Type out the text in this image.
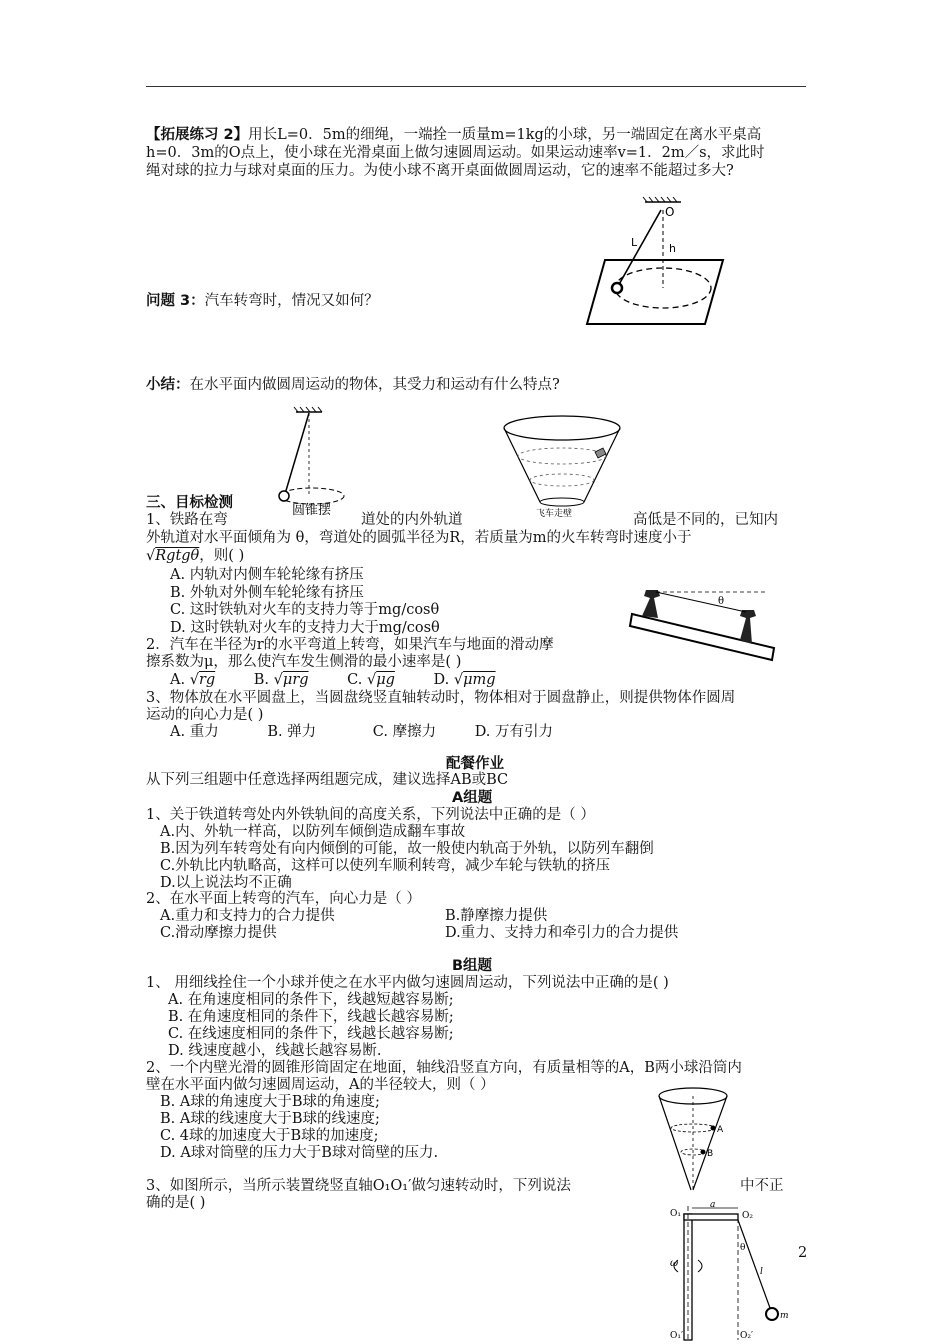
【拓展练习 2】用长L=0．5m的细绳，一端拴一质量m=1kg的小球，另一端固定在离水平桌高
h=0．3m的O点上，使小球在光滑桌面上做匀速圆周运动。如果运动速率v=1．2m／s，求此时
绳对球的拉力与球对桌面的压力。为使小球不离开桌面做圆周运动，它的速率不能超过多大?
O
L	h
问题 3：汽车转弯时，情况又如何？
小结：在水平面内做圆周运动的物体，其受力和运动有什么特点?
圆锥摆	飞车走壁
三、目标检测
1、铁路在弯	道处的内外轨道	高低是不同的，已知内
外轨道对水平面倾角为 θ，弯道处的圆弧半径为R，若质量为m的火车转弯时速度小于
√Rgtgθ，则( )
A. 内轨对内侧车轮轮缘有挤压
B. 外轨对外侧车轮轮缘有挤压
C. 这时铁轨对火车的支持力等于mg/cosθ
D. 这时铁轨对火车的支持力大于mg/cosθ
2．汽车在半径为r的水平弯道上转弯，如果汽车与地面的滑动摩
擦系数为μ，那么使汽车发生侧滑的最小速率是( )
A. √rg	B. √μrg	C. √μg	D. √μmg
θ
3、物体放在水平圆盘上，当圆盘绕竖直轴转动时，物体相对于圆盘静止，则提供物体作圆周
运动的向心力是( )
A. 重力	B. 弹力	C. 摩擦力	D. 万有引力
配餐作业
从下列三组题中任意选择两组题完成，建议选择AB或BC
A组题
1、关于铁道转弯处内外铁轨间的高度关系，下列说法中正确的是（ ）
A.内、外轨一样高，以防列车倾倒造成翻车事故
B.因为列车转弯处有向内倾倒的可能，故一般使内轨高于外轨，以防列车翻倒
C.外轨比内轨略高，这样可以使列车顺利转弯，减少车轮与铁轨的挤压
D.以上说法均不正确
2、在水平面上转弯的汽车，向心力是（ ）
A.重力和支持力的合力提供	B.静摩擦力提供
C.滑动摩擦力提供	D.重力、支持力和牵引力的合力提供
B组题
1、 用细线拴住一个小球并使之在水平内做匀速圆周运动，下列说法中正确的是( )
A. 在角速度相同的条件下，线越短越容易断;
B. 在角速度相同的条件下，线越长越容易断;
C. 在线速度相同的条件下，线越长越容易断;
D. 线速度越小，线越长越容易断.
2、一个内壁光滑的圆锥形筒固定在地面，轴线沿竖直方向，有质量相等的A，B两小球沿筒内
壁在水平面内做匀速圆周运动，A的半径较大，则（ ）
B. A球的角速度大于B球的角速度;
B. A球的线速度大于B球的线速度;
C. 4球的加速度大于B球的加速度;
D. A球对筒壁的压力大于B球对筒壁的压力.
A
B
3、如图所示，当所示装置绕竖直轴O₁O₁′做匀速转动时，下列说法	中不正
确的是( )
O₁
a
O₂
θ
ω
l
m
O₁′	O₂′
2
